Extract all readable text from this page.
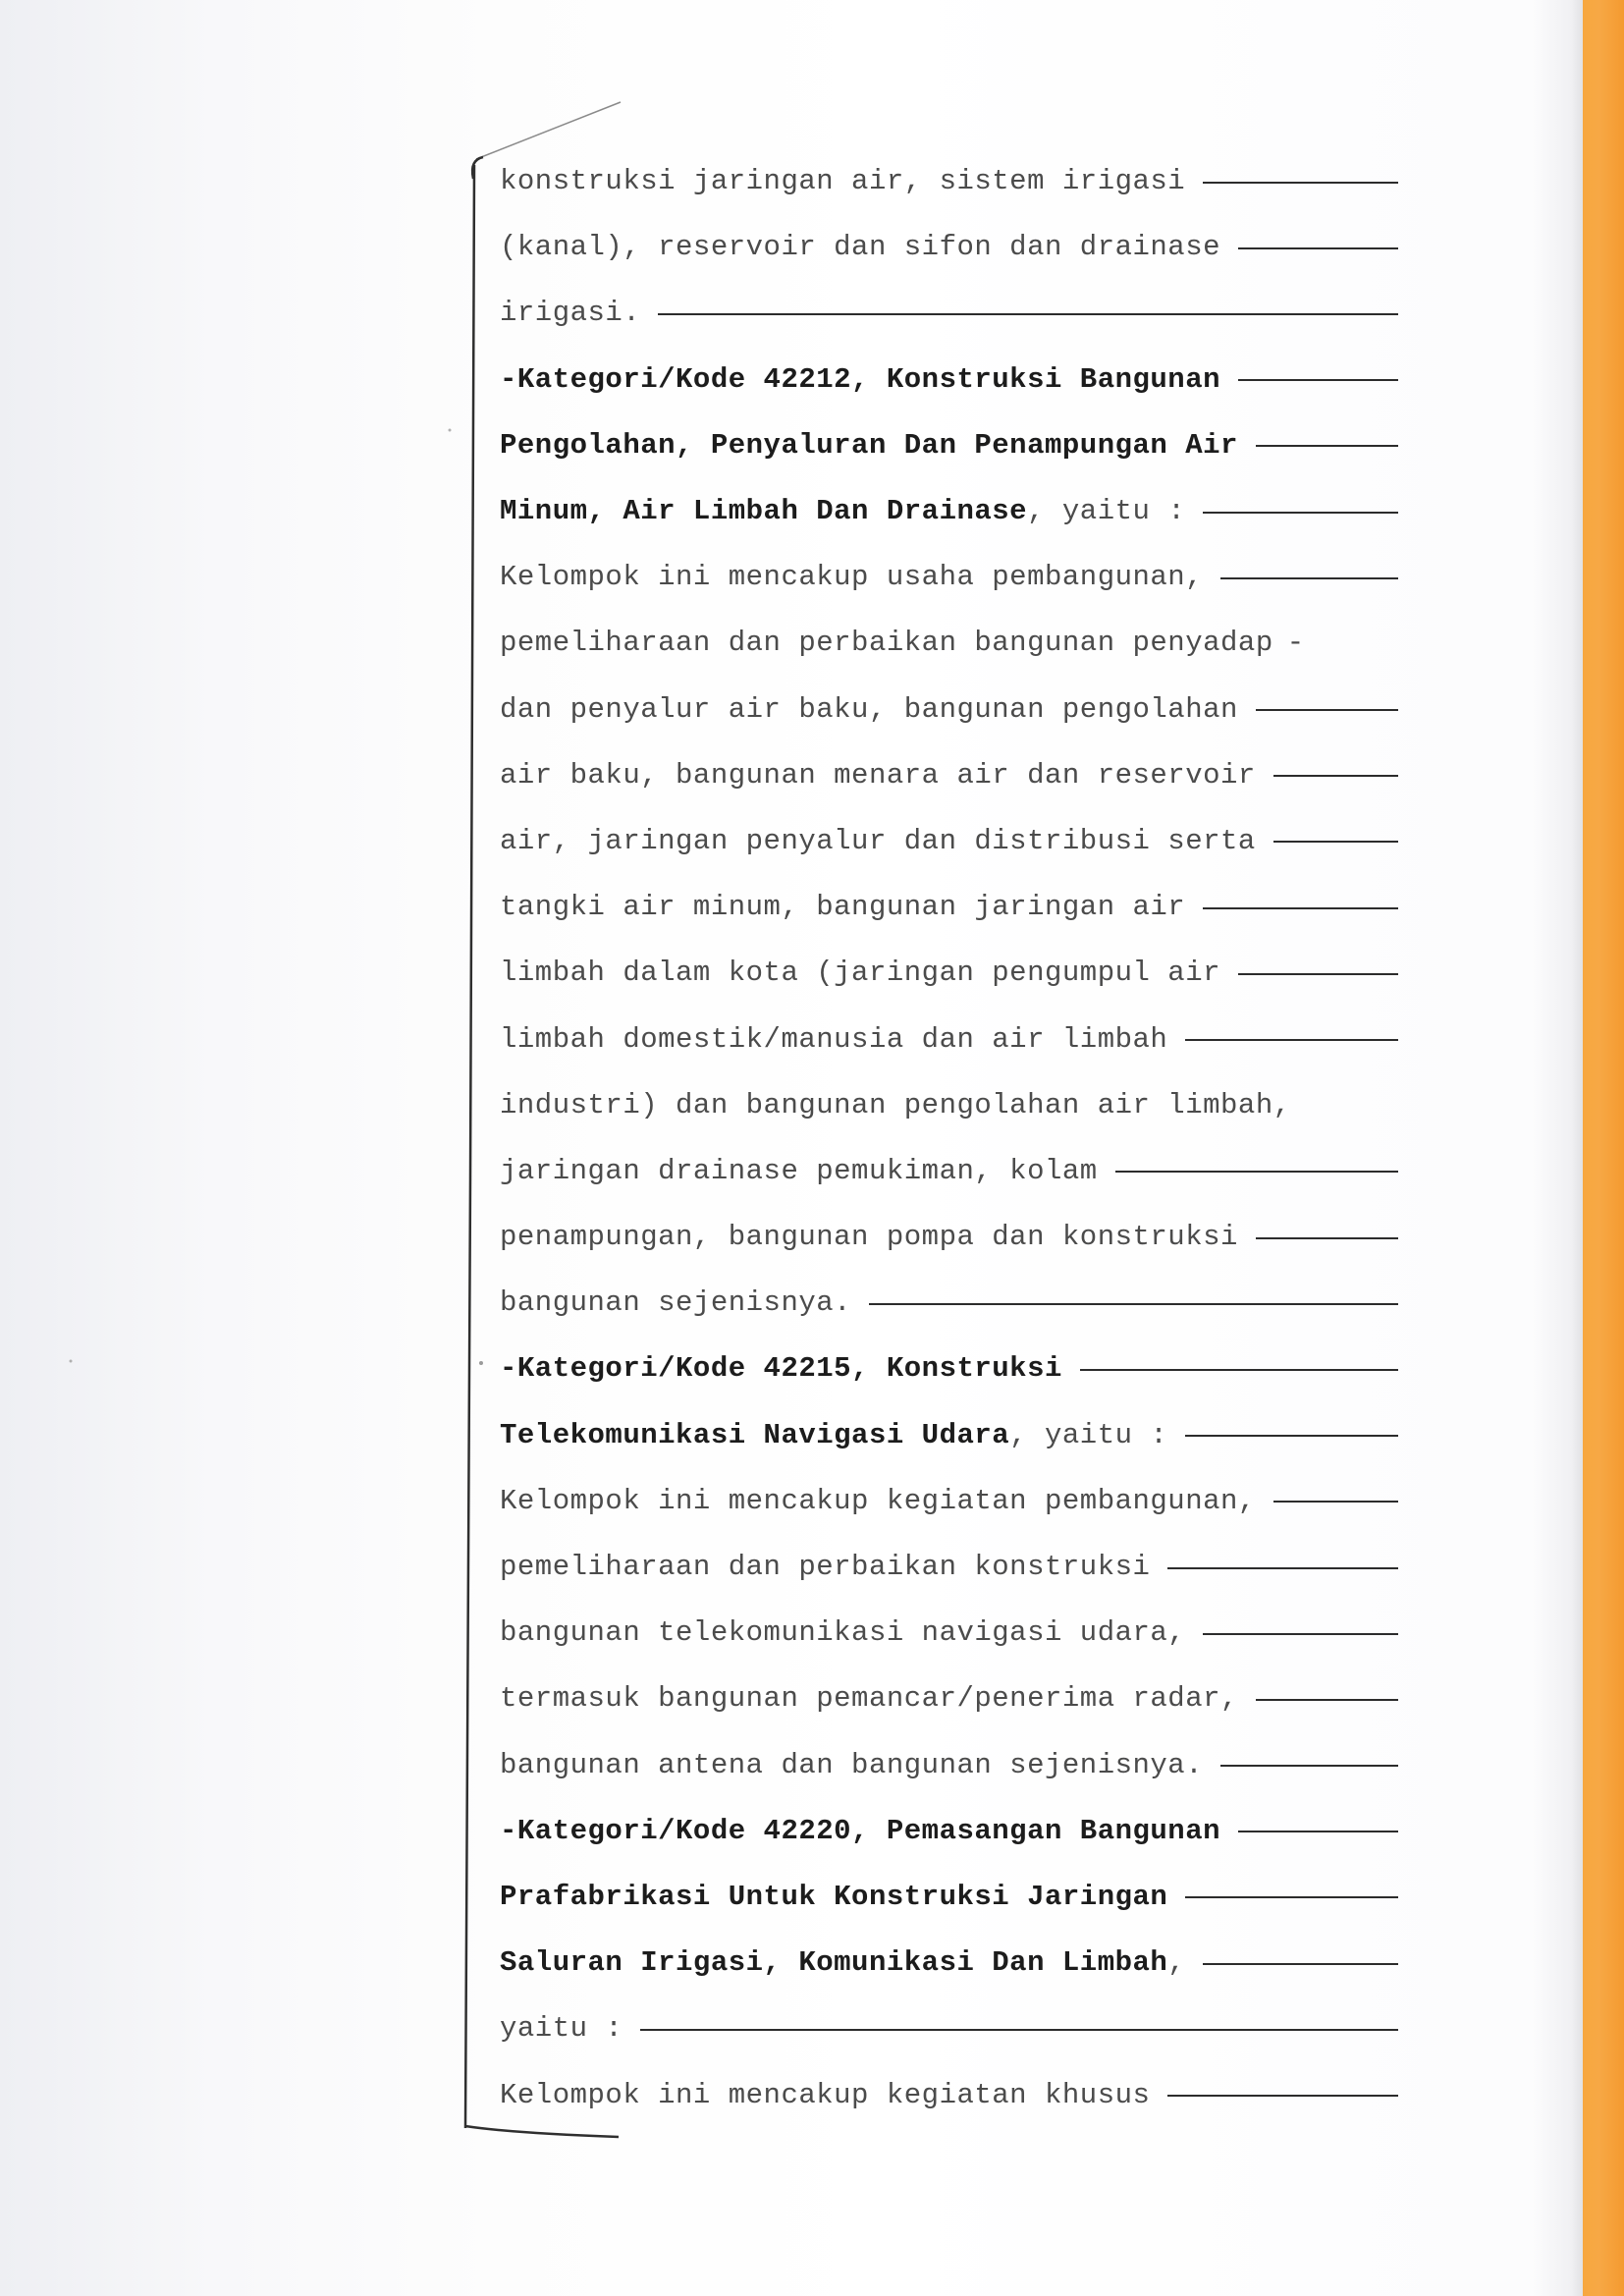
konstruksi jaringan air, sistem irigasi
(kanal), reservoir dan sifon dan drainase
irigasi.
-Kategori/Kode 42212, Konstruksi Bangunan
Pengolahan, Penyaluran Dan Penampungan Air
Minum, Air Limbah Dan Drainase, yaitu :
Kelompok ini mencakup usaha pembangunan,
pemeliharaan dan perbaikan bangunan penyadap -
dan penyalur air baku, bangunan pengolahan
air baku, bangunan menara air dan reservoir
air, jaringan penyalur dan distribusi serta
tangki air minum, bangunan jaringan air
limbah dalam kota (jaringan pengumpul air
limbah domestik/manusia dan air limbah
industri) dan bangunan pengolahan air limbah,
jaringan drainase pemukiman, kolam
penampungan, bangunan pompa dan konstruksi
bangunan sejenisnya.
-Kategori/Kode 42215, Konstruksi
Telekomunikasi Navigasi Udara, yaitu :
Kelompok ini mencakup kegiatan pembangunan,
pemeliharaan dan perbaikan konstruksi
bangunan telekomunikasi navigasi udara,
termasuk bangunan pemancar/penerima radar,
bangunan antena dan bangunan sejenisnya.
-Kategori/Kode 42220, Pemasangan Bangunan
Prafabrikasi Untuk Konstruksi Jaringan
Saluran Irigasi, Komunikasi Dan Limbah,
yaitu :
Kelompok ini mencakup kegiatan khusus
